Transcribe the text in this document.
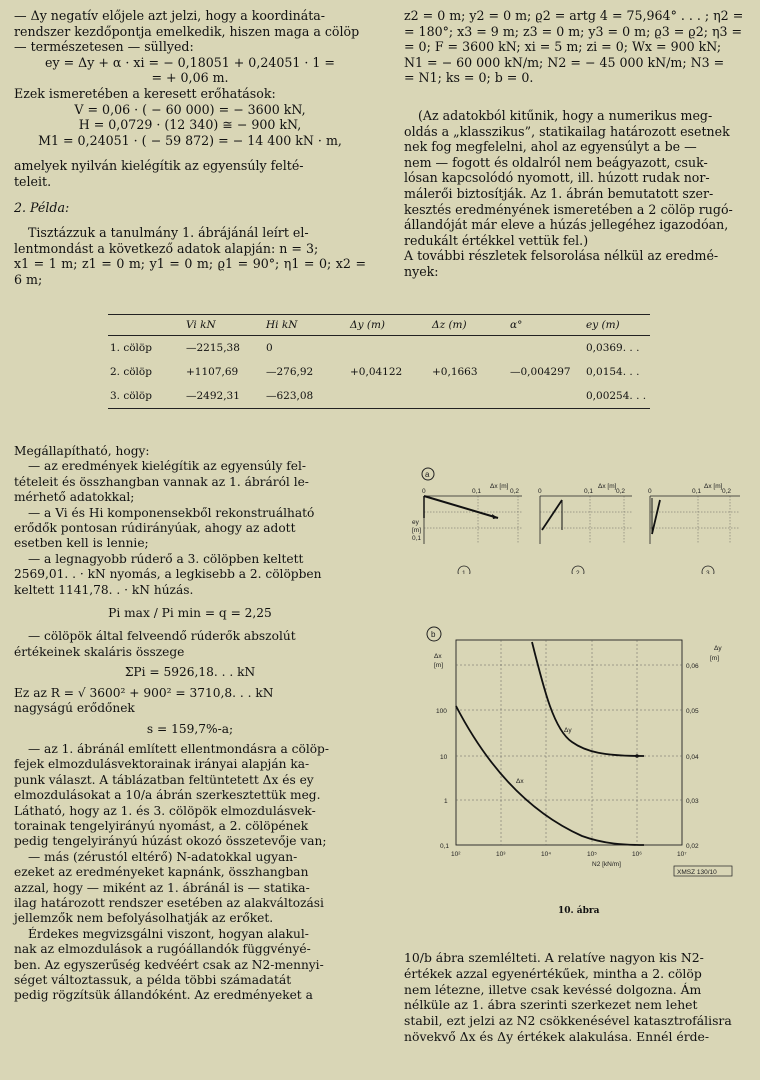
— Δy negatív előjele azt jelzi, hogy a koordináta-

rendszer kezdőpontja emelkedik, hiszen maga a cölöp

— természetesen — süllyed:

ey = Δy + α · xi = − 0,18051 + 0,24051 · 1 =

= + 0,06 m.

Ezek ismeretében a keresett erőhatások:

V = 0,06 · ( − 60 000) = − 3600 kN,

H = 0,0729 · (12 340) ≅ − 900 kN,

M1 = 0,24051 · ( − 59 872) = − 14 400 kN · m,

amelyek nyilván kielégítik az egyensúly felté-

teleit.

2. Példa:

Tisztázzuk a tanulmány 1. ábrájánál leírt el-

lentmondást a következő adatok alapján: n = 3;

x1 = 1 m; z1 = 0 m; y1 = 0 m; ϱ1 = 90°; η1 = 0; x2 = 6 m;

z2 = 0 m; y2 = 0 m; ϱ2 = artg 4 = 75,964° . . . ; η2 =

= 180°; x3 = 9 m; z3 = 0 m; y3 = 0 m; ϱ3 = ϱ2; η3 =

= 0; F = 3600 kN; xi = 5 m; zi = 0; Wx = 900 kN;

N1 = − 60 000 kN/m; N2 = − 45 000 kN/m; N3 =

= N1; ks = 0; b = 0.

(Az adatokból kitűnik, hogy a numerikus meg-

oldás a „klasszikus”, statikailag határozott esetnek

nek fog megfelelni, ahol az egyensúlyt a be —

nem — fogott és oldalról nem beágyazott, csuk-

lósan kapcsolódó nyomott, ill. húzott rudak nor-

málerői biztosítják. Az 1. ábrán bemutatott szer-

kesztés eredményének ismeretében a 2 cölöp rugó-

állandóját már eleve a húzás jellegéhez igazodóan,

redukált értékkel vettük fel.)

A további részletek felsorolása nélkül az eredmé-

nyek:

	Vi kN	Hi kN	Δy (m)	Δz (m)	α°	ey (m)
1. cölöp	—2215,38	0				0,0369. . .
2. cölöp	+1107,69	—276,92	+0,04122	+0,1663	—0,004297	0,0154. . .
3. cölöp	—2492,31	—623,08				0,00254. . .

Megállapítható, hogy:

— az eredmények kielégítik az egyensúly fel-

tételeit és összhangban vannak az 1. ábráról le-

mérhető adatokkal;

— a Vi és Hi komponensekből rekonstruálható

erődők pontosan rúdirányúak, ahogy az adott

esetben kell is lennie;

— a legnagyobb rúderő a 3. cölöpben keltett

2569,01. . · kN nyomás, a legkisebb a 2. cölöpben

keltett 1141,78. . · kN húzás.

Pi max / Pi min = q = 2,25

— cölöpök által felveendő rúderők abszolút

értékeinek skaláris összege

ΣPi = 5926,18. . . kN

Ez az R = √ 3600² + 900² = 3710,8. . . kN

nagyságú erődőnek

s = 159,7%-a;

— az 1. ábránál említett ellentmondásra a cölöp-

fejek elmozdulásvektorainak irányai alapján ka-

punk választ. A táblázatban feltüntetett Δx és ey

elmozdulásokat a 10/a ábrán szerkesztettük meg.

Látható, hogy az 1. és 3. cölöpök elmozdulásvek-

torainak tengelyirányú nyomást, a 2. cölöpének

pedig tengelyirányú húzást okozó összetevője van;

— más (zérustól eltérő) N-adatokkal ugyan-

ezeket az eredményeket kapnánk, összhangban

azzal, hogy — miként az 1. ábránál is — statika-

ilag határozott rendszer esetében az alakváltozási

jellemzők nem befolyásolhatják az erőket.

Érdekes megvizsgálni viszont, hogyan alakul-

nak az elmozdulások a rugóállandók függvényé-

ben. Az egyszerűség kedvéért csak az N2-mennyi-

séget változtassuk, a példa többi számadatát

pedig rögzítsük állandóként. Az eredményeket a

a
0	0,1	0,2
Δx [m]
ey
[m]
0,1
1
0	0,1	0,2
Δx [m]
2
0	0,1	0,2
Δx [m]
3
b
Δx
[m]
Δy
[m]
100
10
1
0,1
0,06
0,05
0,04
0,03
0,02
10²	10³	10⁴	10⁵	10⁶	10⁷
N2 [kN/m]
Δy
Δx
XMSZ 130/10
10. ábra

10/b ábra szemlélteti. A relatíve nagyon kis N2-

értékek azzal egyenértékűek, mintha a 2. cölöp

nem létezne, illetve csak kevéssé dolgozna. Ám

nélküle az 1. ábra szerinti szerkezet nem lehet

stabil, ezt jelzi az N2 csökkenésével katasztrofálisra

növekvő Δx és Δy értékek alakulása. Ennél érde-
